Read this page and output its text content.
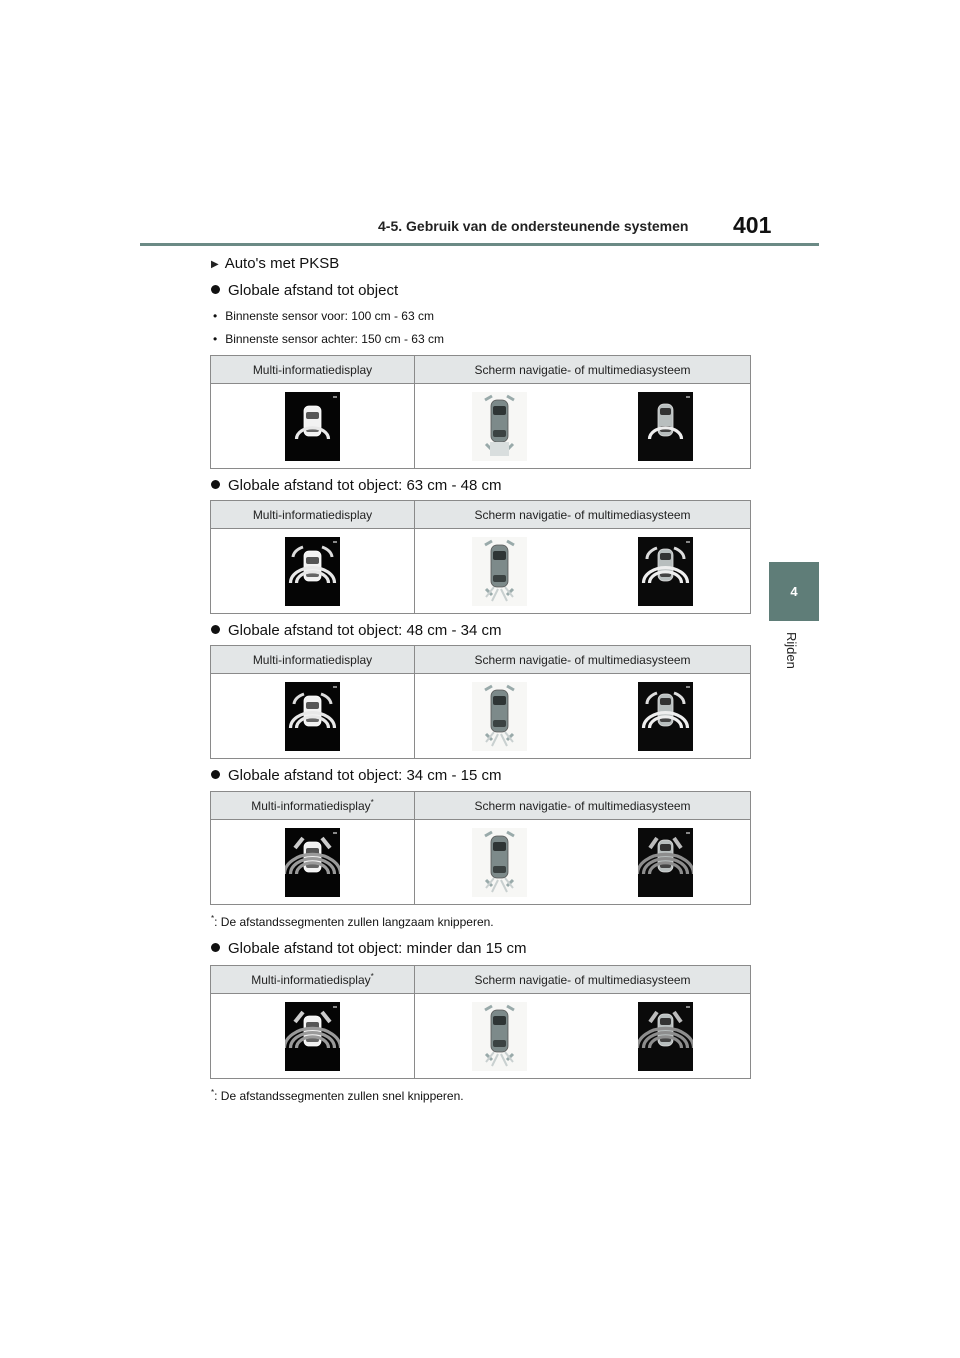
4-5. Gebruik van de ondersteunende systemen 401
4
Rijden
▶ Auto's met PKSB
Globale afstand tot object
• Binnenste sensor voor: 100 cm - 63 cm
• Binnenste sensor achter: 150 cm - 63 cm
Multi-informatiedisplay	Scherm navigatie- of multimediasysteem

Globale afstand tot object: 63 cm - 48 cm
Multi-informatiedisplay	Scherm navigatie- of multimediasysteem

Globale afstand tot object: 48 cm - 34 cm
Multi-informatiedisplay	Scherm navigatie- of multimediasysteem

Globale afstand tot object: 34 cm - 15 cm
Multi-informatiedisplay*	Scherm navigatie- of multimediasysteem

*: De afstandssegmenten zullen langzaam knipperen.
Globale afstand tot object: minder dan 15 cm
Multi-informatiedisplay*	Scherm navigatie- of multimediasysteem

*: De afstandssegmenten zullen snel knipperen.
